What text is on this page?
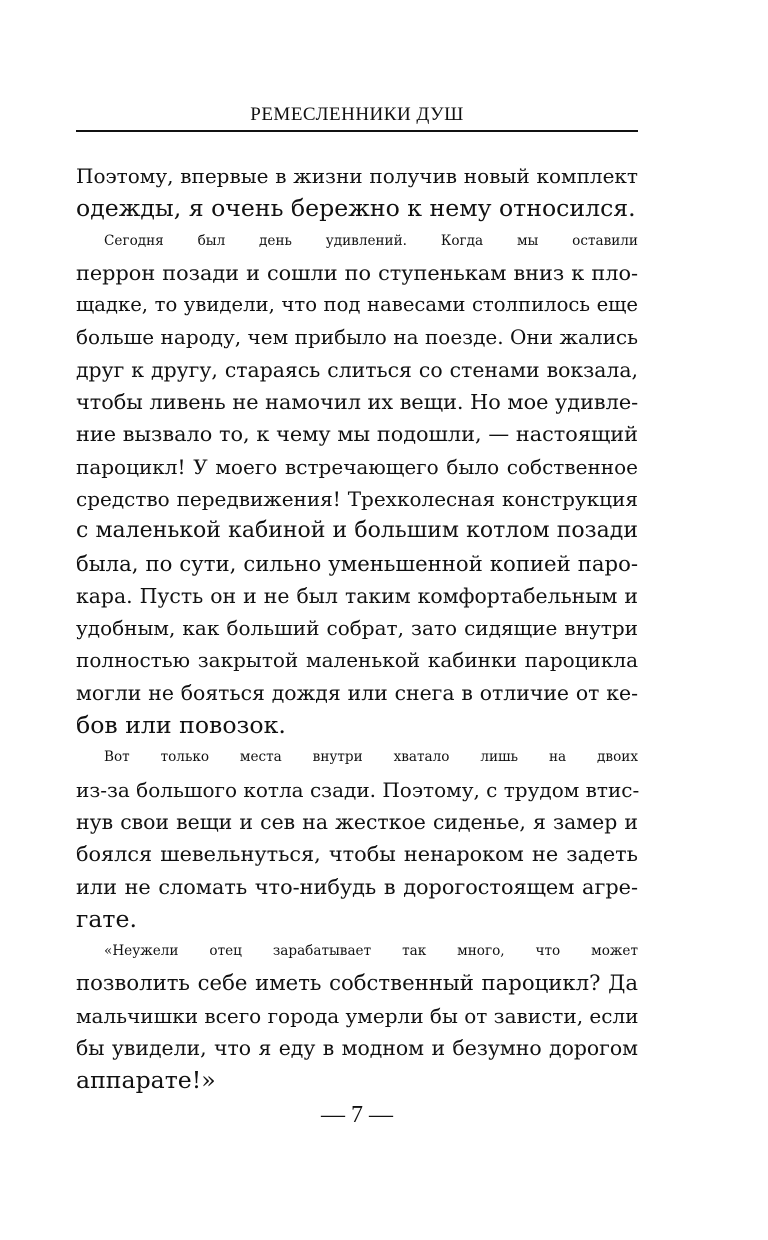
РЕМЕСЛЕННИКИ ДУШ

Поэтому, впервые в жизни получив новый комплект
одежды, я очень бережно к нему относился.

Сегодня был день удивлений. Когда мы оставили
перрон позади и сошли по ступенькам вниз к пло-
щадке, то увидели, что под навесами столпилось еще
больше народу, чем прибыло на поезде. Они жались
друг к другу, стараясь слиться со стенами вокзала,
чтобы ливень не намочил их вещи. Но мое удивле-
ние вызвало то, к чему мы подошли, — настоящий
пароцикл! У моего встречающего было собственное
средство передвижения! Трехколесная конструкция
с маленькой кабиной и большим котлом позади
была, по сути, сильно уменьшенной копией паро-
кара. Пусть он и не был таким комфортабельным и
удобным, как больший собрат, зато сидящие внутри
полностью закрытой маленькой кабинки пароцикла
могли не бояться дождя или снега в отличие от ке-
бов или повозок.

Вот только места внутри хватало лишь на двоих
из-за большого котла сзади. Поэтому, с трудом втис-
нув свои вещи и сев на жесткое сиденье, я замер и
боялся шевельнуться, чтобы ненароком не задеть
или не сломать что-нибудь в дорогостоящем агре-
гате.

«Неужели отец зарабатывает так много, что может
позволить себе иметь собственный пароцикл? Да
мальчишки всего города умерли бы от зависти, если
бы увидели, что я еду в модном и безумно дорогом
аппарате!»

— 7 —
